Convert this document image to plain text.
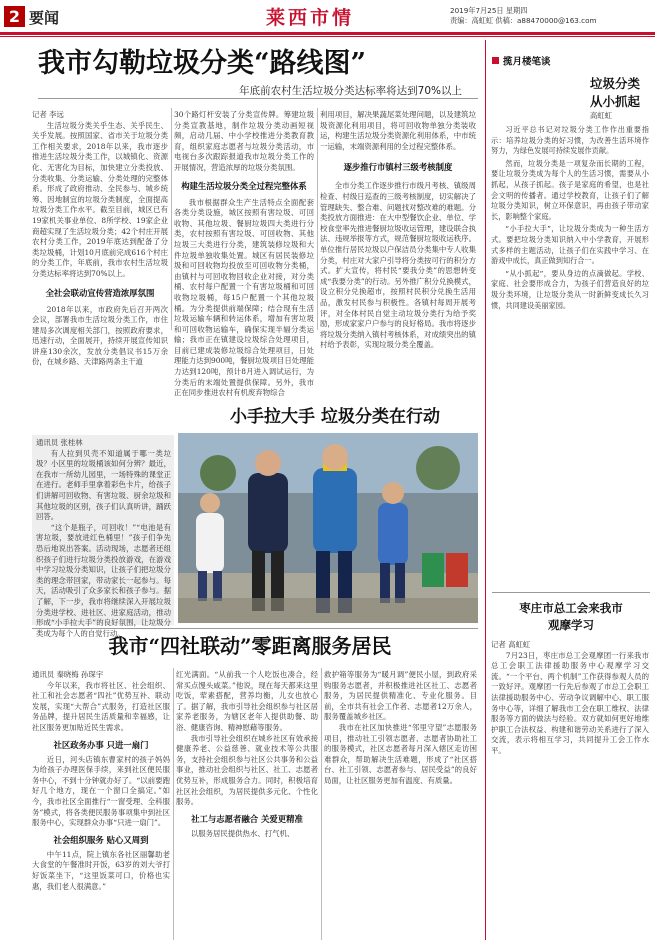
2 要闻	莱西市情	2019年7月25日 星期四
责编：高虹虹 供稿：a88470000@163.com
我市勾勒垃圾分类“路线图”
年底前农村生活垃圾分类达标率将达到70%以上
记者 李远

生活垃圾分类关乎生态、关乎民生、关乎发展。按照国家、省市关于垃圾分类工作相关要求，2018年以来，我市逐步推进生活垃圾分类工作，以城镇化、资源化、无害化为目标，加快建立分类投放、分类收集、分类运输、分类处理的完整体系。形成了政府推动、全民参与、城乡统筹、因地制宜的垃圾分类制度，全面提高垃圾分类工作水平。截至目前，城区已有19家机关事业单位、8所学校、19家企业商超实现了生活垃圾分类；42个村庄开展农村分类工作，2019年底达到配备了分类垃圾桶，计划10月底前完成616个村庄的分类工作，年底前，我市农村生活垃圾分类达标率将达到70%以上。

全社会联动宣传营造浓厚氛围

2018年以来，市政府先后召开两次会议，部署我市生活垃圾分类工作，市住建局多次调度相关部门，按照政府要求，迅速行动，全面展开，持续开展宣传知识讲座130余次，发放分类倡议书15万余份，在城乡路、天津路两条主干道

30个路灯杆安装了分类宣传牌。筹建垃圾分类宣教基地，制作垃圾分类动画短视频，启动几届、中小学校推进分类教育教育，组织家庭志愿者与垃圾分类活动，市电视台多次跟踪报道我市垃圾分类工作的开展情况，营造浓厚的垃圾分类氛围。

构建生活垃圾分类全过程完整体系

我市根据群众生产生活特点全面配套各类分类设施，城区按照有害垃圾、可回收物、其他垃圾、餐厨垃圾四大类进行分类，农村按照有害垃圾、可回收物、其他垃圾三大类进行分类，建筑装修垃圾和大件垃圾单独收集处置。城区有居民装修垃圾和可回收物均投放至可回收物分类桶，由镇村与可回收物回收企业对接，对分类桶、农村每户配置一个有害垃圾桶和可回收物垃圾桶，每15户配置一个其他垃圾桶。为分类提供前端保障；结合现有生活垃圾运输车辆和转运体系，增加有害垃圾和可回收物运输车，确保实现半辐分类运输；我市正在镇建设垃圾综合处理项目，目前已建成装修垃圾综合处理项目，日处理能力达到900吨，餐厨垃圾项目日处理能力达到120吨，预计8月进入调试运行，为分类后的末端处置提供保障。另外，我市正在同步推进农村有机废弃物综合

利用项目，解决果蔬尾菜处理问题，以及建筑垃圾资源化利用项目，将可回收物单独分类装收运，构建生活垃圾分类资源化利用体系，中市统一运输，末端资源利用的全过程完整体系。

逐步推行市镇村三级考核制度

全市分类工作逐步推行市级月考核、镇级周检查、村级日巡查的三级考核制度，切实解决了管理缺失、整合难、问题找对整改难的难题。分类投放方面推进：在大中型餐饮企业、单位、学校食堂率先推进餐厨垃圾收运管理，建设联合执法、违规举报等方式，规范餐厨垃圾收运秩序。单位推行居民垃圾以户保洁员分类集中专人收集分类，村庄对大家户引导将分类按可行的积分方式。扩大宣传，将村民“要我分类”的思想转变成“我要分类”的行动。另外推广积分兑换模式，设立积分兑换超市，按照村民积分兑换生活用品，激发村民参与积极性。各镇村每周开展考评，对全体村民自觉主动垃圾分类行为给予奖励，形成家家户户参与的良好格局。我市将逐步将垃圾分类纳入镇村考核体系，对成绩突出的镇村给予表彰，实现垃圾分类全覆盖。

通讯员 张桂林

有人拉到贝壳不知道属于哪一类垃圾？小区里的垃圾桶该如何分辨？最近，在我市一所幼儿园里，一场特殊的课堂正在进行。老师手里拿着彩色卡片，给孩子们讲解可回收物、有害垃圾、厨余垃圾和其他垃圾的区别，孩子们认真听讲，踊跃回答。

“这个是瓶子，可回收！”“电池是有害垃圾，要放进红色桶里！”孩子们争先恐后地说出答案。活动现场，志愿者还组织孩子们进行垃圾分类投放游戏，在游戏中学习垃圾分类知识，让孩子们把垃圾分类的理念带回家，带动家长一起参与。每天，活动吸引了众多家长和孩子参与。据了解，下一步，我市将继续深入开展垃圾分类进学校、进社区、进家庭活动，推动形成“小手拉大手”的良好氛围，让垃圾分类成为每个人的自觉行动。

小手拉大手 垃圾分类在行动
我市“四社联动”零距离服务居民
通讯员 秦晓梅 孙琛宇

今年以来，我市将社区、社会组织、社工和社会志愿者“四社”优势互补、联动发展，实现“大帮合”式服务，打造社区服务品牌，提升居民生活质量和幸福感，让社区服务更加贴近民生需求。

社区政务办事 只进一扇门

近日，河头店镇东曹家村的孩子妈妈为给孩子办理医保手续，来到社区便民服务中心，不到十分钟就办好了。“以前要跑好几个地方，现在一个窗口全搞定。”如今，我市社区全面推行“一窗受理、全科服务”模式，将各类便民服务事项集中到社区服务中心，实现群众办事“只进一扇门”。

社会组织服务 贴心又周到

中午11点，院上镇东各社区丽馨助老大食堂的午餐准时开饭，63岁的刘大爷打好饭菜坐下，“这里饭菜可口，价格也实惠，我们老人很满意。”

红光满面。“从前我一个人吃饭也凑合，经常买点馒头咸菜。”他说，现在每天都来这里吃饭，荤素搭配，营养均衡，儿女也放心了。据了解，我市引导社会组织参与社区居家养老服务，为辖区老年人提供助餐、助浴、健康咨询、精神慰藉等服务。

我市引导社会组织在城乡社区有效承接健康养老、公益慈善、就业技术等公共服务，支持社会组织参与社区公共事务和公益事业，推动社会组织与社区、社工、志愿者优势互补，形成服务合力。同时，积极培育社区社会组织，为居民提供多元化、个性化服务。

社工与志愿者融合 关爱更精准

以服务居民提供热水、打气机、

救护箱等服务为“暖月调”便民小屋，到政府采购服务志愿者，并积极推进社区社工、志愿者服务，为居民提供精准化、专业化服务。目前，全市共有社会工作者、志愿者12万余人，服务覆盖城乡社区。

我市在社区加快推进“邻里守望”志愿服务项目，推动社工引领志愿者、志愿者协助社工的服务模式，社区志愿者每月深入辖区走访困难群众，帮助解决生活难题，形成了“社区搭台、社工引领、志愿者参与、居民受益”的良好局面，让社区服务更加有温度、有质量。

揽月楼笔谈
垃圾分类
从小抓起
高虹虹

习近平总书记对垃圾分类工作作出重要指示：培养垃圾分类的好习惯，为改善生活环境作努力，为绿色发展可持续发展作贡献。

然而，垃圾分类是一项复杂而长期的工程，要让垃圾分类成为每个人的生活习惯，需要从小抓起，从孩子抓起。孩子是家庭的希望，也是社会文明的传播者。通过学校教育，让孩子们了解垃圾分类知识，树立环保意识，再由孩子带动家长，影响整个家庭。

“小手拉大手”，让垃圾分类成为一种生活方式。要把垃圾分类知识纳入中小学教育，开展形式多样的主题活动，让孩子们在实践中学习、在游戏中成长，真正做到知行合一。

“从小抓起”，要从身边的点滴做起。学校、家庭、社会要形成合力，为孩子们营造良好的垃圾分类环境，让垃圾分类从一时新鲜变成长久习惯，共同建设美丽家园。

枣庄市总工会来我市
观摩学习
记者 高虹虹

7月23日，枣庄市总工会观摩团一行来我市总工会职工法律援助服务中心观摩学习交流。“一个平台、两个机制”工作获得参观人员的一致好评。观摩团一行先后参观了市总工会职工法律援助服务中心、劳动争议调解中心、职工服务中心等，详细了解我市工会在职工维权、法律服务等方面的做法与经验。双方就如何更好地维护职工合法权益、构建和谐劳动关系进行了深入交流，表示将相互学习，共同提升工会工作水平。
